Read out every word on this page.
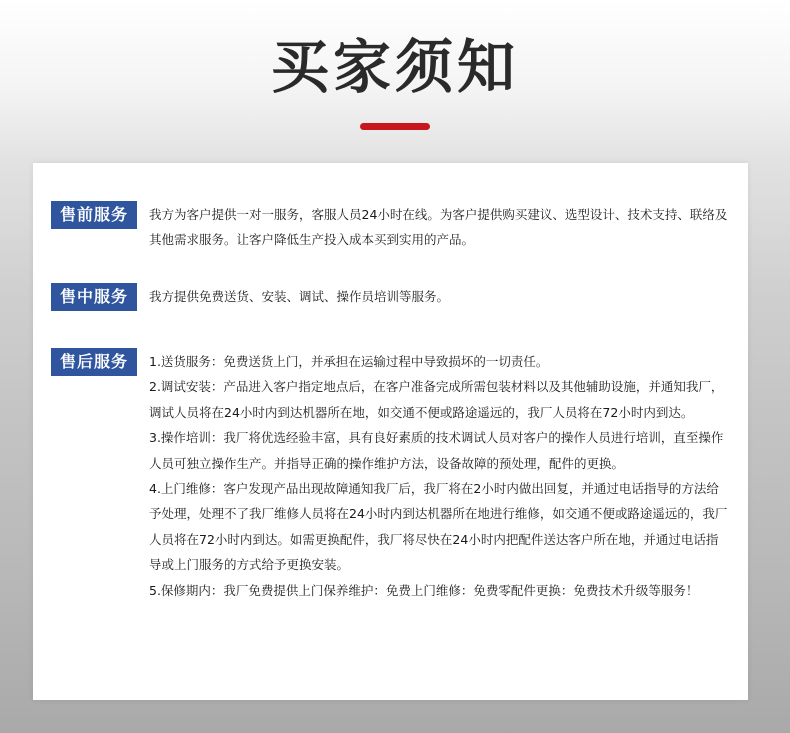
买家须知
售前服务	我方为客户提供一对一服务，客服人员24小时在线。为客户提供购买建议、选型设计、技术支持、联络及其他需求服务。让客户降低生产投入成本买到实用的产品。

售中服务	我方提供免费送货、安装、调试、操作员培训等服务。

售后服务	1.送货服务：免费送货上门，并承担在运输过程中导致损坏的一切责任。

2.调试安装：产品进入客户指定地点后，在客户准备完成所需包装材料以及其他辅助设施，并通知我厂，调试人员将在24小时内到达机器所在地，如交通不便或路途遥远的，我厂人员将在72小时内到达。

3.操作培训：我厂将优选经验丰富，具有良好素质的技术调试人员对客户的操作人员进行培训，直至操作人员可独立操作生产。并指导正确的操作维护方法，设备故障的预处理，配件的更换。

4.上门维修：客户发现产品出现故障通知我厂后，我厂将在2小时内做出回复，并通过电话指导的方法给予处理，处理不了我厂维修人员将在24小时内到达机器所在地进行维修，如交通不便或路途遥远的，我厂人员将在72小时内到达。如需更换配件，我厂将尽快在24小时内把配件送达客户所在地，并通过电话指导或上门服务的方式给予更换安装。

5.保修期内：我厂免费提供上门保养维护：免费上门维修：免费零配件更换：免费技术升级等服务！
